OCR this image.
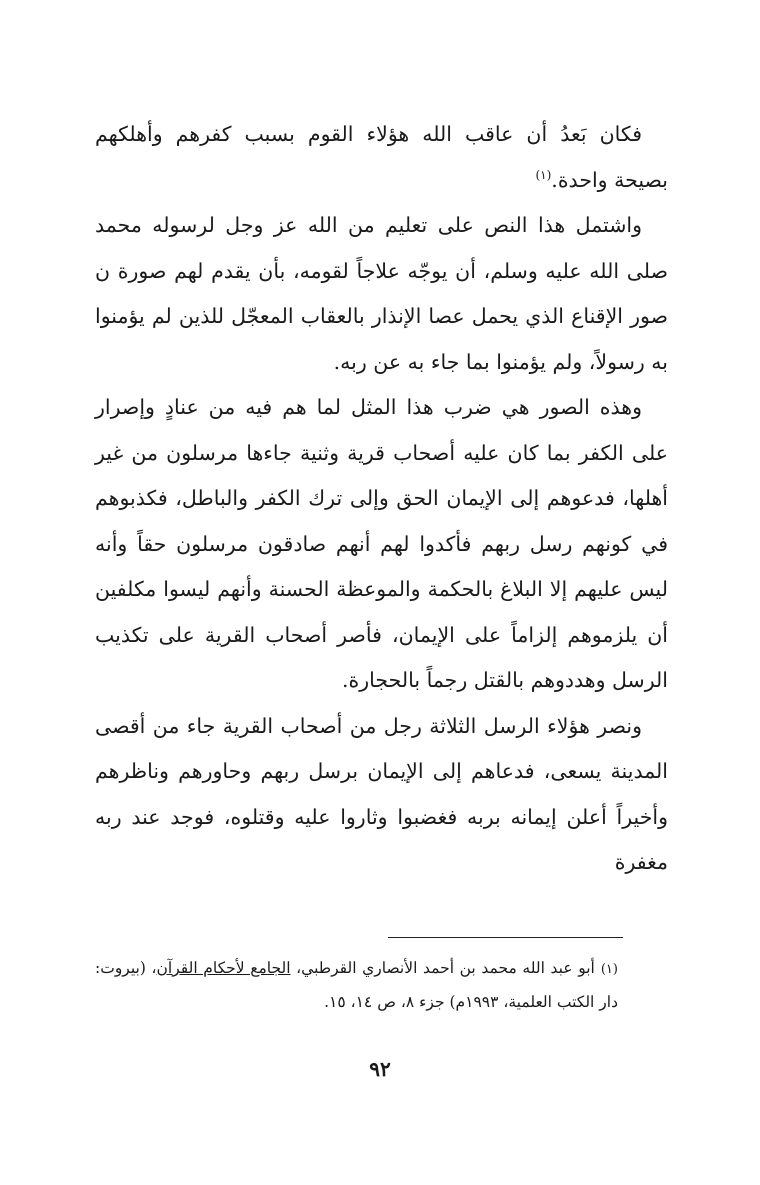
فكان بَعدُ أن عاقب الله هؤلاء القوم بسبب كفرهم وأهلكهم بصيحة واحدة.$^{(١)}$

واشتمل هذا النص على تعليم من الله عز وجل لرسوله محمد صلى الله عليه وسلم، أن يوجّه علاجاً لقومه، بأن يقدم لهم صورة ن صور الإقناع الذي يحمل عصا الإنذار بالعقاب المعجّل للذين لم يؤمنوا به رسولاً، ولم يؤمنوا بما جاء به عن ربه.

وهذه الصور هي ضرب هذا المثل لما هم فيه من عنادٍ وإصرار على الكفر بما كان عليه أصحاب قرية وثنية جاءها مرسلون من غير أهلها، فدعوهم إلى الإيمان الحق وإلى ترك الكفر والباطل، فكذبوهم في كونهم رسل ربهم فأكدوا لهم أنهم صادقون مرسلون حقاً وأنه ليس عليهم إلا البلاغ بالحكمة والموعظة الحسنة وأنهم ليسوا مكلفين أن يلزموهم إلزاماً على الإيمان، فأصر أصحاب القرية على تكذيب الرسل وهددوهم بالقتل رجماً بالحجارة.

ونصر هؤلاء الرسل الثلاثة رجل من أصحاب القرية جاء من أقصى المدينة يسعى، فدعاهم إلى الإيمان برسل ربهم وحاورهم وناظرهم وأخيراً أعلن إيمانه بربه فغضبوا وثاروا عليه وقتلوه، فوجد عند ربه مغفرة

(١)أبو عبد الله محمد بن أحمد الأنصاري القرطبي، الجامع لأحكام القرآن، (بيروت: دار الكتب العلمية، ١٩٩٣م) جزء ٨، ص ١٤، ١٥.

٩٢
